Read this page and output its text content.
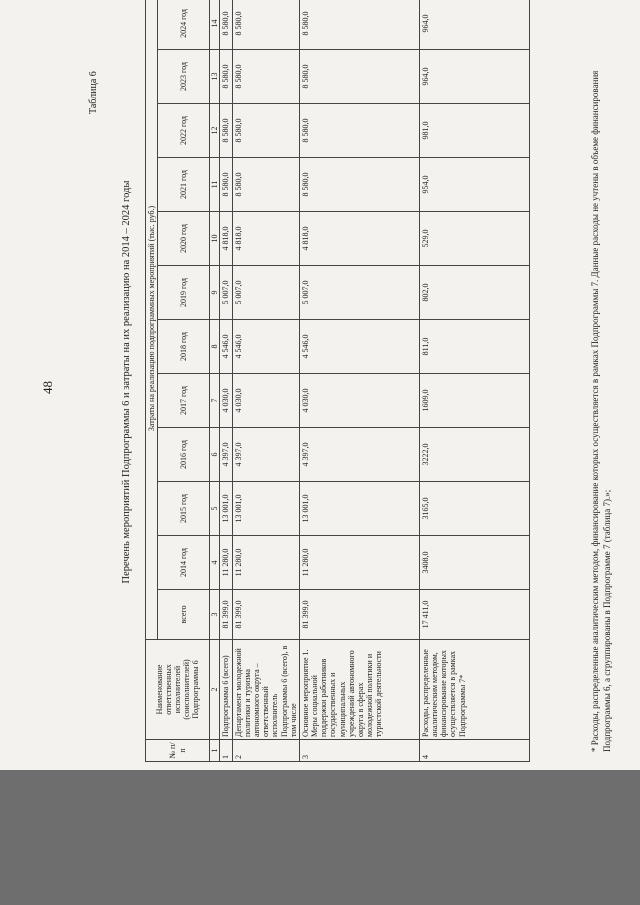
48
Таблица 6
Перечень мероприятий Подпрограммы 6 и затраты на их реализацию на 2014 – 2024 годы
№ п/п	Наименование ответственных исполнителей (соисполнителей) Подпрограммы 6	Затраты на реализацию подпрограммных мероприятий (тыс. руб.)											
		всего	2014 год	2015 год	2016 год	2017 год	2018 год	2019 год	2020 год	2021 год	2022 год	2023 год	2024 год
1	2	3	4	5	6	7	8	9	10	11	12	13	14
1	Подпрограмма 6 (всего)	81 399,0	11 280,0	13 001,0	4 397,0	4 030,0	4 546,0	5 007,0	4 818,0	8 580,0	8 580,0	8 580,0	8 580,0
2	Департамент молодежной политики и туризма автономного округа – ответственный исполнитель Подпрограммы 6 (всего), в том числе	81 399,0	11 280,0	13 001,0	4 397,0	4 030,0	4 546,0	5 007,0	4 818,0	8 580,0	8 580,0	8 580,0	8 580,0
3	Основное мероприятие 1. Меры социальной поддержки работников государственных и муниципальных учреждений автономного округа в сферах молодежной политики и туристской деятельности	81 399,0	11 280,0	13 001,0	4 397,0	4 030,0	4 546,0	5 007,0	4 818,0	8 580,0	8 580,0	8 580,0	8 580,0
4	Расходы, распределенные аналитическим методом, финансирование которых осуществляется в рамках Подпрограммы 7*	17 411,0	3408,0	3165,0	3222,0	1609,0	811,0	802,0	529,0	954,0	981,0	964,0	964,0
* Расходы, распределенные аналитическим методом, финансирование которых осуществляется в рамках Подпрограммы 7. Данные расходы не учтены в объеме финансирования Подпрограммы 6, а сгруппированы в Подпрограмме 7 (таблица 7).»;
